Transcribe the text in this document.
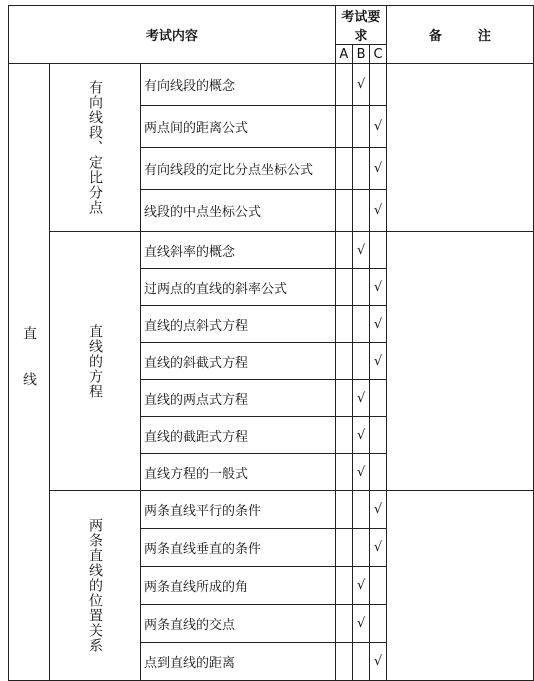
考试内容			考试要求			备注
			A	B	C	

直线	有向线段、定比分点	有向线段的概念		√		
		两点间的距离公式			√	
		有向线段的定比分点坐标公式			√	
		线段的中点坐标公式			√	

	直线的方程	直线斜率的概念		√		
		过两点的直线的斜率公式			√	
		直线的点斜式方程			√	
		直线的斜截式方程			√	
		直线的两点式方程		√		
		直线的截距式方程		√		
		直线方程的一般式		√		

	两条直线的位置关系	两条直线平行的条件			√	
		两条直线垂直的条件			√	
		两条直线所成的角		√		
		两条直线的交点		√		
		点到直线的距离			√	
